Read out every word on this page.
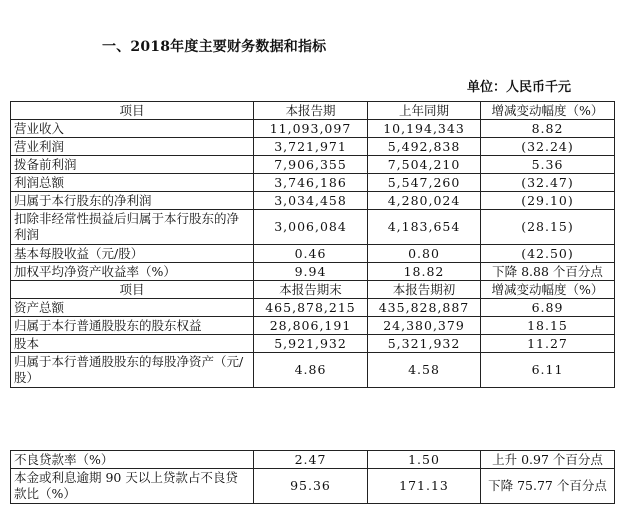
一、2018年度主要财务数据和指标
单位：人民币千元
项目	本报告期	上年同期	增减变动幅度（%）
营业收入	11,093,097	10,194,343	8.82
营业利润	3,721,971	5,492,838	(32.24)
拨备前利润	7,906,355	7,504,210	5.36
利润总额	3,746,186	5,547,260	(32.47)
归属于本行股东的净利润	3,034,458	4,280,024	(29.10)
扣除非经常性损益后归属于本行股东的净利润	3,006,084	4,183,654	(28.15)
基本每股收益（元/股）	0.46	0.80	(42.50)
加权平均净资产收益率（%）	9.94	18.82	下降 8.88 个百分点
项目	本报告期末	本报告期初	增减变动幅度（%）
资产总额	465,878,215	435,828,887	6.89
归属于本行普通股股东的股东权益	28,806,191	24,380,379	18.15
股本	5,921,932	5,321,932	11.27
归属于本行普通股股东的每股净资产（元/股）	4.86	4.58	6.11
不良贷款率（%）	2.47	1.50	上升 0.97 个百分点
本金或利息逾期 90 天以上贷款占不良贷款比（%）	95.36	171.13	下降 75.77 个百分点
